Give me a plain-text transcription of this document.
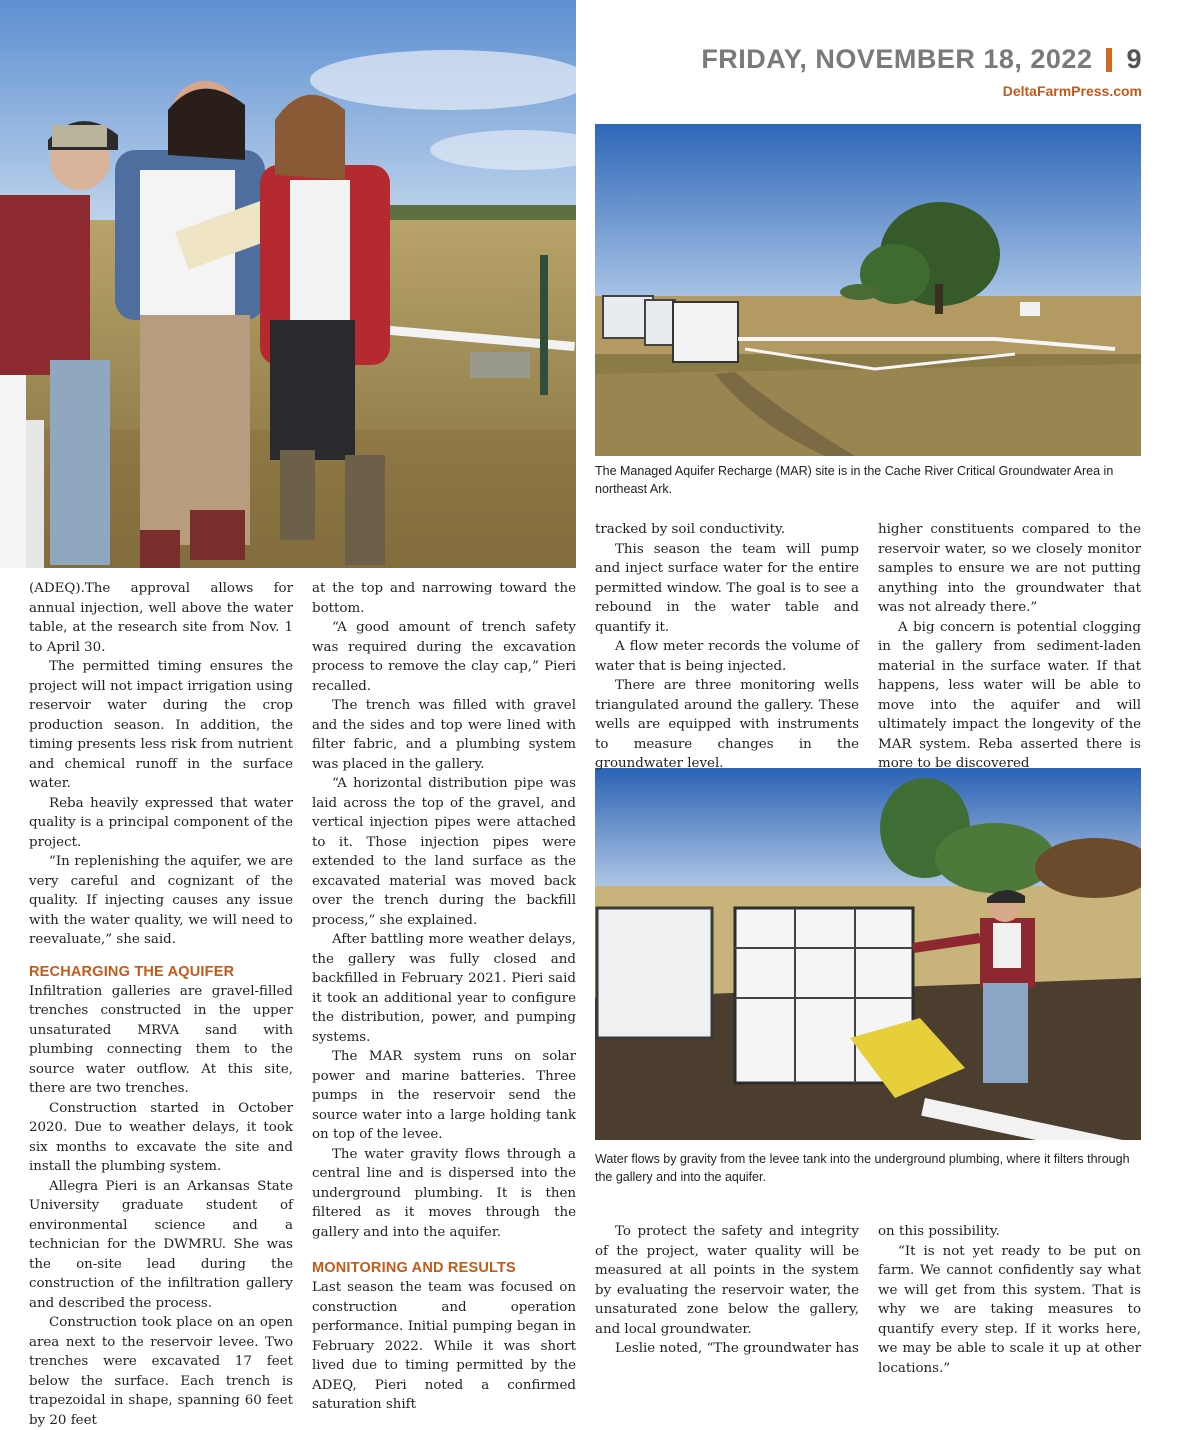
FRIDAY, NOVEMBER 18, 2022 9
DeltaFarmPress.com
The Managed Aquifer Recharge (MAR) site is in the Cache River Critical Groundwater Area in northeast Ark.
Water flows by gravity from the levee tank into the underground plumbing, where it filters through the gallery and into the aquifer.

(ADEQ).The approval allows for annual injection, well above the water table, at the research site from Nov. 1 to April 30.

The permitted timing ensures the project will not impact irrigation using reservoir water during the crop production season. In addition, the timing presents less risk from nutrient and chemical runoff in the surface water.

Reba heavily expressed that water quality is a principal component of the project.

“In replenishing the aquifer, we are very careful and cognizant of the quality. If injecting causes any issue with the water quality, we will need to reevaluate,” she said.

RECHARGING THE AQUIFER

Infiltration galleries are gravel-filled trenches constructed in the upper unsaturated MRVA sand with plumbing connecting them to the source water outflow. At this site, there are two trenches.

Construction started in October 2020. Due to weather delays, it took six months to excavate the site and install the plumbing system.

Allegra Pieri is an Arkansas State University graduate student of environmental science and a technician for the DWMRU. She was the on-site lead during the construction of the infiltration gallery and described the process.

Construction took place on an open area next to the reservoir levee. Two trenches were excavated 17 feet below the surface. Each trench is trapezoidal in shape, spanning 60 feet by 20 feet

at the top and narrowing toward the bottom.

“A good amount of trench safety was required during the excavation process to remove the clay cap,” Pieri recalled.

The trench was filled with gravel and the sides and top were lined with filter fabric, and a plumbing system was placed in the gallery.

“A horizontal distribution pipe was laid across the top of the gravel, and vertical injection pipes were attached to it. Those injection pipes were extended to the land surface as the excavated material was moved back over the trench during the backfill process,” she explained.

After battling more weather delays, the gallery was fully closed and backfilled in February 2021. Pieri said it took an additional year to configure the distribution, power, and pumping systems.

The MAR system runs on solar power and marine batteries. Three pumps in the reservoir send the source water into a large holding tank on top of the levee.

The water gravity flows through a central line and is dispersed into the underground plumbing. It is then filtered as it moves through the gallery and into the aquifer.

MONITORING AND RESULTS

Last season the team was focused on construction and operation performance. Initial pumping began in February 2022. While it was short lived due to timing permitted by the ADEQ, Pieri noted a confirmed saturation shift

tracked by soil conductivity.

This season the team will pump and inject surface water for the entire permitted window. The goal is to see a rebound in the water table and quantify it.

A flow meter records the volume of water that is being injected.

There are three monitoring wells triangulated around the gallery. These wells are equipped with instruments to measure changes in the groundwater level.

higher constituents compared to the reservoir water, so we closely monitor samples to ensure we are not putting anything into the groundwater that was not already there.”

A big concern is potential clogging in the gallery from sediment-laden material in the surface water. If that happens, less water will be able to move into the aquifer and will ultimately impact the longevity of the MAR system. Reba asserted there is more to be discovered

To protect the safety and integrity of the project, water quality will be measured at all points in the system by evaluating the reservoir water, the unsaturated zone below the gallery, and local groundwater.

Leslie noted, “The groundwater has

on this possibility.

“It is not yet ready to be put on farm. We cannot confidently say what we will get from this system. That is why we are taking measures to quantify every step. If it works here, we may be able to scale it up at other locations.”
